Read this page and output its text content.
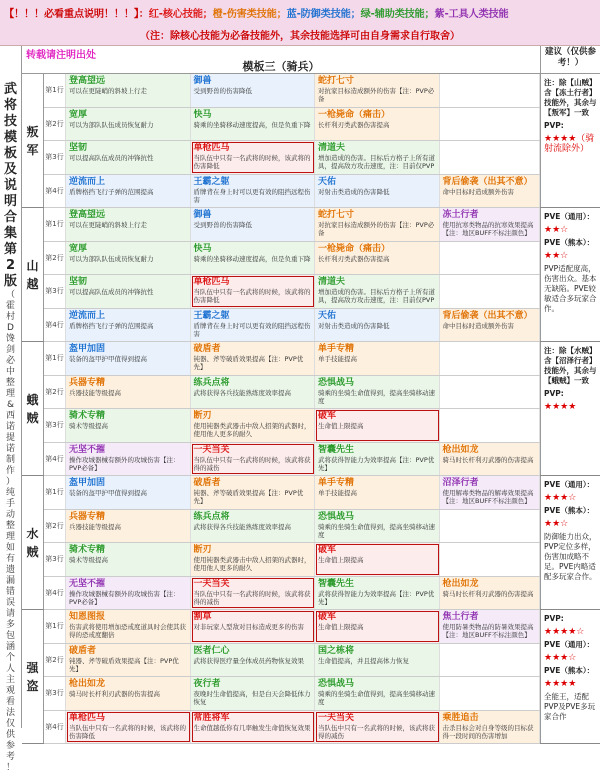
【！！！必看重点说明！！！】：红-核心技能；橙-伤害类技能；蓝-防御类技能；绿-辅助类技能；紫-工具人类技能
（注：除核心技能为必备技能外，其余技能选择可由自身需求自行取舍）
武
将
技
模
板
及
说
明
合
集
第
2
版
（
霍
村
D
馋
剑
必
中
整
理
&
西
诺
提
诺
制
作
）
纯
手
动
整
理
如
有
遗
漏
错
误
请
多
包
涵
个
人
主
观
看
法
仅
供
参
考
！
转载请注明出处
模板三（骑兵）
建议（仅供参考！）
叛
军
第1行
登高望远
可以在更陡峭的斜坡上行走
御兽
受到野兽的伤害降低
蛇打七寸
对抗家目标造成额外的伤害【注：PVP必备
第2行
宽厚
可以为部队队伍成员恢复耐力
快马
骑乘的坐骑移动速度提高，但是负重下降
一枪毙命（痛击）
长杆利刃类武器伤害提高
第3行
坚韧
可以提高队伍成员的冲锋抗性
单枪匹马
当队伍中只有一名武将的时候，该武将的伤害降低
清道夫
增加造成的伤害。目标后方格子上所有道具，提高敌方攻击速度，注：目前仅PVP
第4行
逆流而上
盾牌格挡飞行子弹的范围提高
王霸之躯
盾牌背在身上时可以更有效的阻挡远程伤害
天佑
对射击类造成的伤害降低
背后偷袭（出其不意）
命中目标时造成额外伤害
注：除【山贼】含【冻土行者】技能外，其余与【叛军】一致
PVP:
★★★★（骑射流除外）
山
越
第1行
登高望远
可以在更陡峭的斜坡上行走
御兽
受到野兽的伤害降低
蛇打七寸
对抗家目标造成额外的伤害【注：PVP必备
冻土行者
使用抗寒类物品的抗寒效果提高【注：地区BUFF不标注颜色】
第2行
宽厚
可以为部队队伍成员恢复耐力
快马
骑乘的坐骑移动速度提高，但是负重下降
一枪毙命（痛击）
长杆利刃类武器伤害提高
第3行
坚韧
可以提高队伍成员的冲锋抗性
单枪匹马
当队伍中只有一名武将的时候，该武将的伤害降低
清道夫
增加造成的伤害。目标后方格子上所有道具，提高敌方攻击速度，注：目前仅PVP
第4行
逆流而上
盾牌格挡飞行子弹的范围提高
王霸之躯
盾牌背在身上时可以更有效的阻挡远程伤害
天佑
对射击类造成的伤害降低
背后偷袭（出其不意）
命中目标时造成额外伤害
PVE（通用）：
★★☆
PVE（熊本）：
★★☆
PVP适配度高，伤害出众。基本无缺陷。PVE较敏适合多玩家合作。
蛾
贼
第1行
盔甲加固
装备的盔甲护甲值得到提高
破盾者
钝器、斧等破盾效果提高【注：PVP优先】
单手专精
单手技能提高
第2行
兵器专精
兵器技能等级提高
练兵点将
武将获得各兵技能熟练度效率提高
恐惧战马
骑乘的坐骑生命值得到，提高坐骑移动速度
第3行
骑术专精
骑术等级提高
断刃
使用钝器类武器击中敌人招架的武器时，使用他人更多的耐久
破军
生命值上限提高
第4行
无坚不摧
操作攻城器械有额外的攻城伤害【注：PVP必备】
一夫当关
当队伍中只有一名武将的时候，该武将获得的减伤
智囊先生
武将获得智能力为效率提高【注：PVP优先】
枪出如龙
骑马时长杆利刃武器的伤害提高
注：除【水贼】含【沼泽行者】技能外，其余与【蛾贼】一致
PVP:
★★★★
水
贼
第1行
盔甲加固
装备的盔甲护甲值得到提高
破盾者
钝器、斧等破盾效果提高【注：PVP优先】
单手专精
单手技能提高
沼泽行者
使用解毒类物品的解毒效果提高【注：地区BUFF不标注颜色】
第2行
兵器专精
兵器技能等级提高
练兵点将
武将获得各兵技能熟练度效率提高
恐惧战马
骑乘的坐骑生命值得到，提高坐骑移动速度
第3行
骑术专精
骑术等级提高
断刃
使用钝器类武器击中敌人招架的武器时，使用他人更多的耐久
破军
生命值上限提高
第4行
无坚不摧
操作攻城器械有额外的攻城伤害【注：PVP必备】
一夫当关
当队伍中只有一名武将的时候，该武将获得的减伤
智囊先生
武将获得智能力为效率提高【注：PVP优先】
枪出如龙
骑马时长杆利刃武器的伤害提高
PVE（通用）：
★★★☆
PVE（熊本）：
★★☆
防御能力出众，PVP定位多样，伤害加成略不足。PVE内略适配多玩家合作。
强
盗
第1行
知恩图报
伤害武将使用增加恐戒度道具时会使其获得的恐戒度翻倍
割草
对非玩家人型敌对目标造成更多的伤害
破军
生命值上限提高
焦土行者
使用防暑类物品的防暑效果提高【注：地区BUFF不标注颜色】
第2行
破盾者
钝器、斧等破盾效果提高【注：PVP优先】
医者仁心
武将获得医疗量全体成员药物恢复效果
国之栋将
生命值提高，并且提高体力恢复
第3行
枪出如龙
骑马时长杆利刃武器的伤害提高
夜行者
夜晚时生命值提高，但是白天会降低体力恢复
恐惧战马
骑乘的坐骑生命值得到，提高坐骑移动速度
第4行
单枪匹马
当队伍中只有一名武将的时候，该武将的伤害降低
常胜将军
生命值越低你有几率触发生命值恢复效果
一夫当关
当队伍中只有一名武将的时候，该武将获得的减伤
乘胜追击
击杀目标会对自身等级的目标获得一段时间的伤害增加
PVP:
★★★★☆
PVE（通用）：
★★★☆
PVE（熊本）：
★★★★
全能王，适配PVP及PVE多玩家合作
